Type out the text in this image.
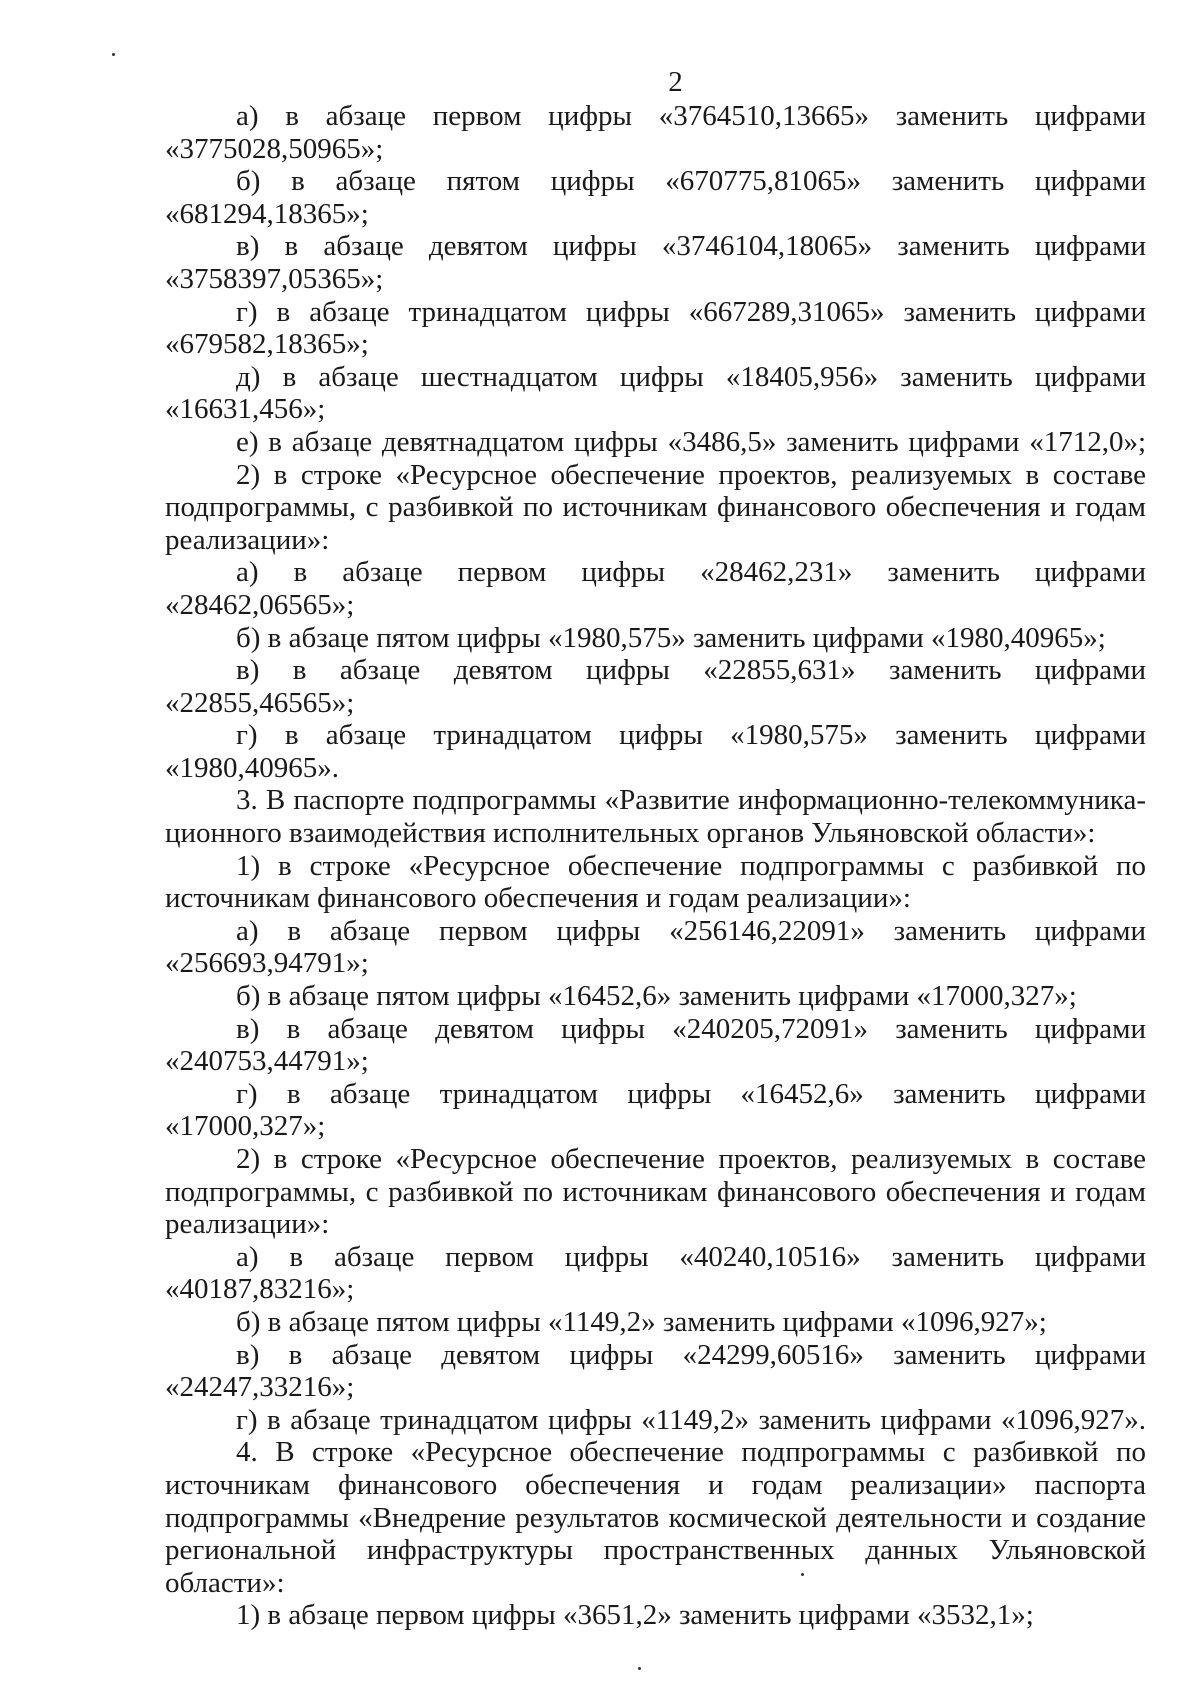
2

а) в абзаце первом цифры «3764510,13665» заменить цифрами «3775028,50965»;

б) в абзаце пятом цифры «670775,81065» заменить цифрами «681294,18365»;

в) в абзаце девятом цифры «3746104,18065» заменить цифрами «3758397,05365»;

г) в абзаце тринадцатом цифры «667289,31065» заменить цифрами «679582,18365»;

д) в абзаце шестнадцатом цифры «18405,956» заменить цифрами «16631,456»;

е) в абзаце девятнадцатом цифры «3486,5» заменить цифрами «1712,0»;

2) в строке «Ресурсное обеспечение проектов, реализуемых в составе подпрограммы, с разбивкой по источникам финансового обеспечения и годам реализации»:

а) в абзаце первом цифры «28462,231» заменить цифрами «28462,06565»;

б) в абзаце пятом цифры «1980,575» заменить цифрами «1980,40965»;

в) в абзаце девятом цифры «22855,631» заменить цифрами «22855,46565»;

г) в абзаце тринадцатом цифры «1980,575» заменить цифрами «1980,40965».

3. В паспорте подпрограммы «Развитие информационно-телекоммуника-ционного взаимодействия исполнительных органов Ульяновской области»:

1) в строке «Ресурсное обеспечение подпрограммы с разбивкой по источникам финансового обеспечения и годам реализации»:

а) в абзаце первом цифры «256146,22091» заменить цифрами «256693,94791»;

б) в абзаце пятом цифры «16452,6» заменить цифрами «17000,327»;

в) в абзаце девятом цифры «240205,72091» заменить цифрами «240753,44791»;

г) в абзаце тринадцатом цифры «16452,6» заменить цифрами «17000,327»;

2) в строке «Ресурсное обеспечение проектов, реализуемых в составе подпрограммы, с разбивкой по источникам финансового обеспечения и годам реализации»:

а) в абзаце первом цифры «40240,10516» заменить цифрами «40187,83216»;

б) в абзаце пятом цифры «1149,2» заменить цифрами «1096,927»;

в) в абзаце девятом цифры «24299,60516» заменить цифрами «24247,33216»;

г) в абзаце тринадцатом цифры «1149,2» заменить цифрами «1096,927».

4. В строке «Ресурсное обеспечение подпрограммы с разбивкой по источникам финансового обеспечения и годам реализации» паспорта подпрограммы «Внедрение результатов космической деятельности и создание региональной инфраструктуры пространственных данных Ульяновской области»:

1) в абзаце первом цифры «3651,2» заменить цифрами «3532,1»;
